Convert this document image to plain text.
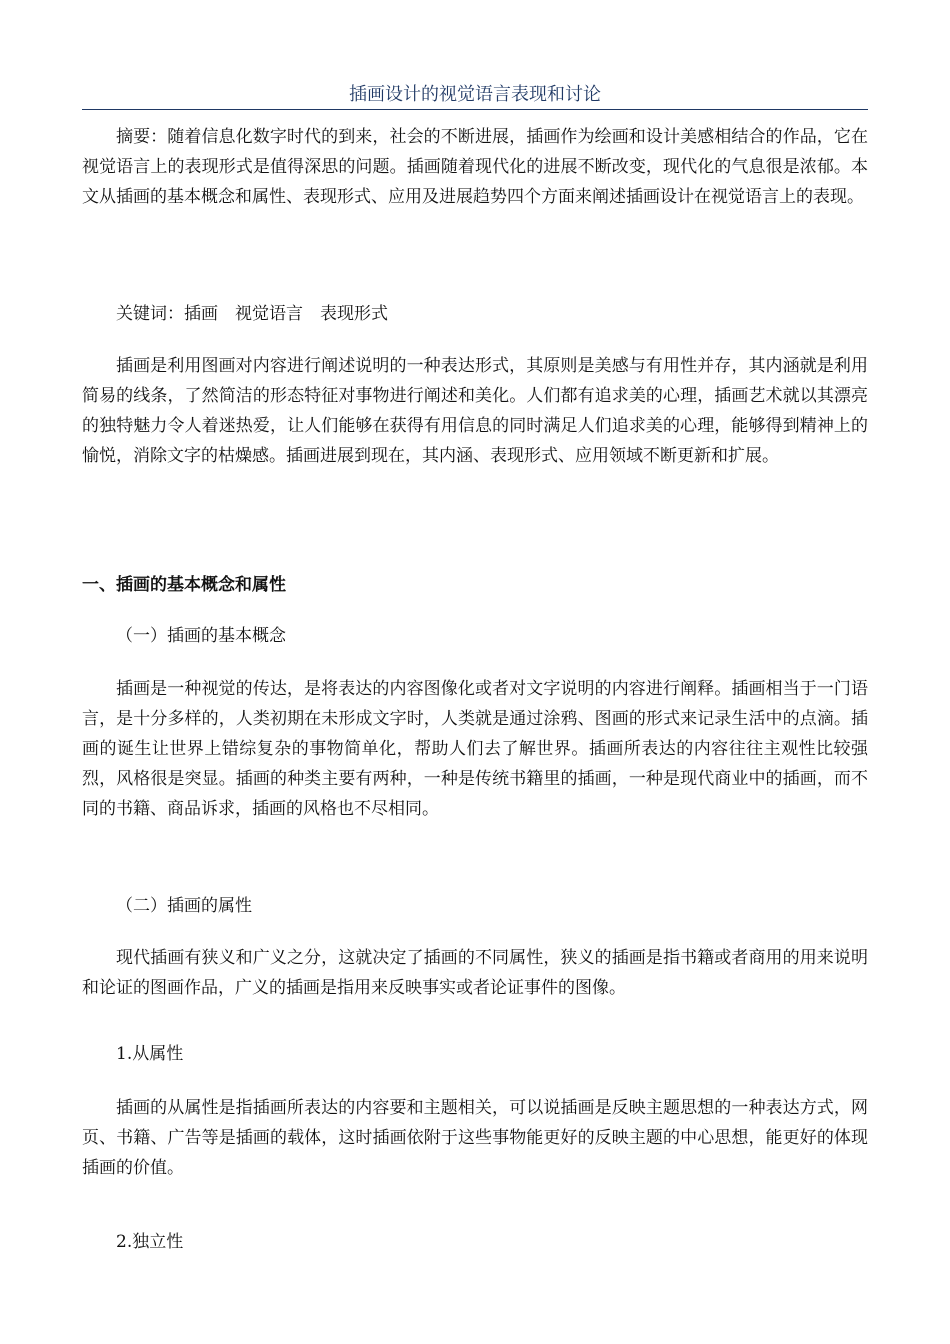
插画设计的视觉语言表现和讨论

摘要：随着信息化数字时代的到来，社会的不断进展，插画作为绘画和设计美感相结合的作品，它在视觉语言上的表现形式是值得深思的问题。插画随着现代化的进展不断改变，现代化的气息很是浓郁。本文从插画的基本概念和属性、表现形式、应用及进展趋势四个方面来阐述插画设计在视觉语言上的表现。

关键词：插画　视觉语言　表现形式

插画是利用图画对内容进行阐述说明的一种表达形式，其原则是美感与有用性并存，其内涵就是利用简易的线条，了然简洁的形态特征对事物进行阐述和美化。人们都有追求美的心理，插画艺术就以其漂亮的独特魅力令人着迷热爱，让人们能够在获得有用信息的同时满足人们追求美的心理，能够得到精神上的愉悦，消除文字的枯燥感。插画进展到现在，其内涵、表现形式、应用领域不断更新和扩展。

一、插画的基本概念和属性

（一）插画的基本概念

插画是一种视觉的传达，是将表达的内容图像化或者对文字说明的内容进行阐释。插画相当于一门语言，是十分多样的，人类初期在未形成文字时，人类就是通过涂鸦、图画的形式来记录生活中的点滴。插画的诞生让世界上错综复杂的事物简单化，帮助人们去了解世界。插画所表达的内容往往主观性比较强烈，风格很是突显。插画的种类主要有两种，一种是传统书籍里的插画，一种是现代商业中的插画，而不同的书籍、商品诉求，插画的风格也不尽相同。

（二）插画的属性

现代插画有狭义和广义之分，这就决定了插画的不同属性，狭义的插画是指书籍或者商用的用来说明和论证的图画作品，广义的插画是指用来反映事实或者论证事件的图像。

1.从属性

插画的从属性是指插画所表达的内容要和主题相关，可以说插画是反映主题思想的一种表达方式，网页、书籍、广告等是插画的载体，这时插画依附于这些事物能更好的反映主题的中心思想，能更好的体现插画的价值。

2.独立性
